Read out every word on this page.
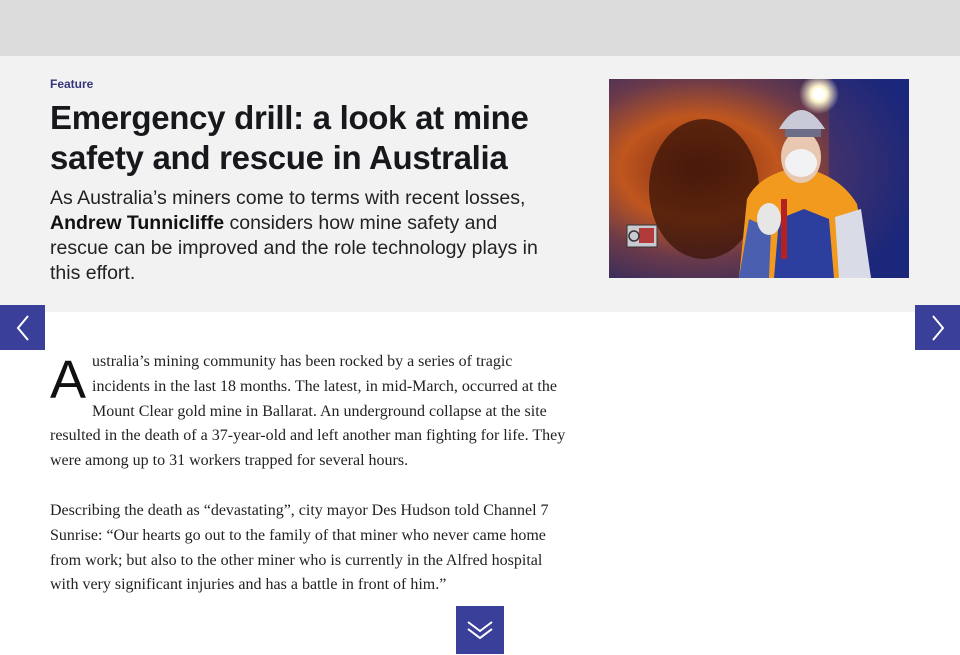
Feature
Emergency drill: a look at mine safety and rescue in Australia

As Australia’s miners come to terms with recent losses, Andrew Tunnicliffe considers how mine safety and rescue can be improved and the role technology plays in this effort.

Australia’s mining community has been rocked by a series of tragic incidents in the last 18 months. The latest, in mid-March, occurred at the Mount Clear gold mine in Ballarat. An underground collapse at the site resulted in the death of a 37-year-old and left another man fighting for life. They were among up to 31 workers trapped for several hours.

Describing the death as “devastating”, city mayor Des Hudson told Channel 7 Sunrise: “Our hearts go out to the family of that miner who never came home from work; but also to the other miner who is currently in the Alfred hospital with very significant injuries and has a battle in front of him.”
